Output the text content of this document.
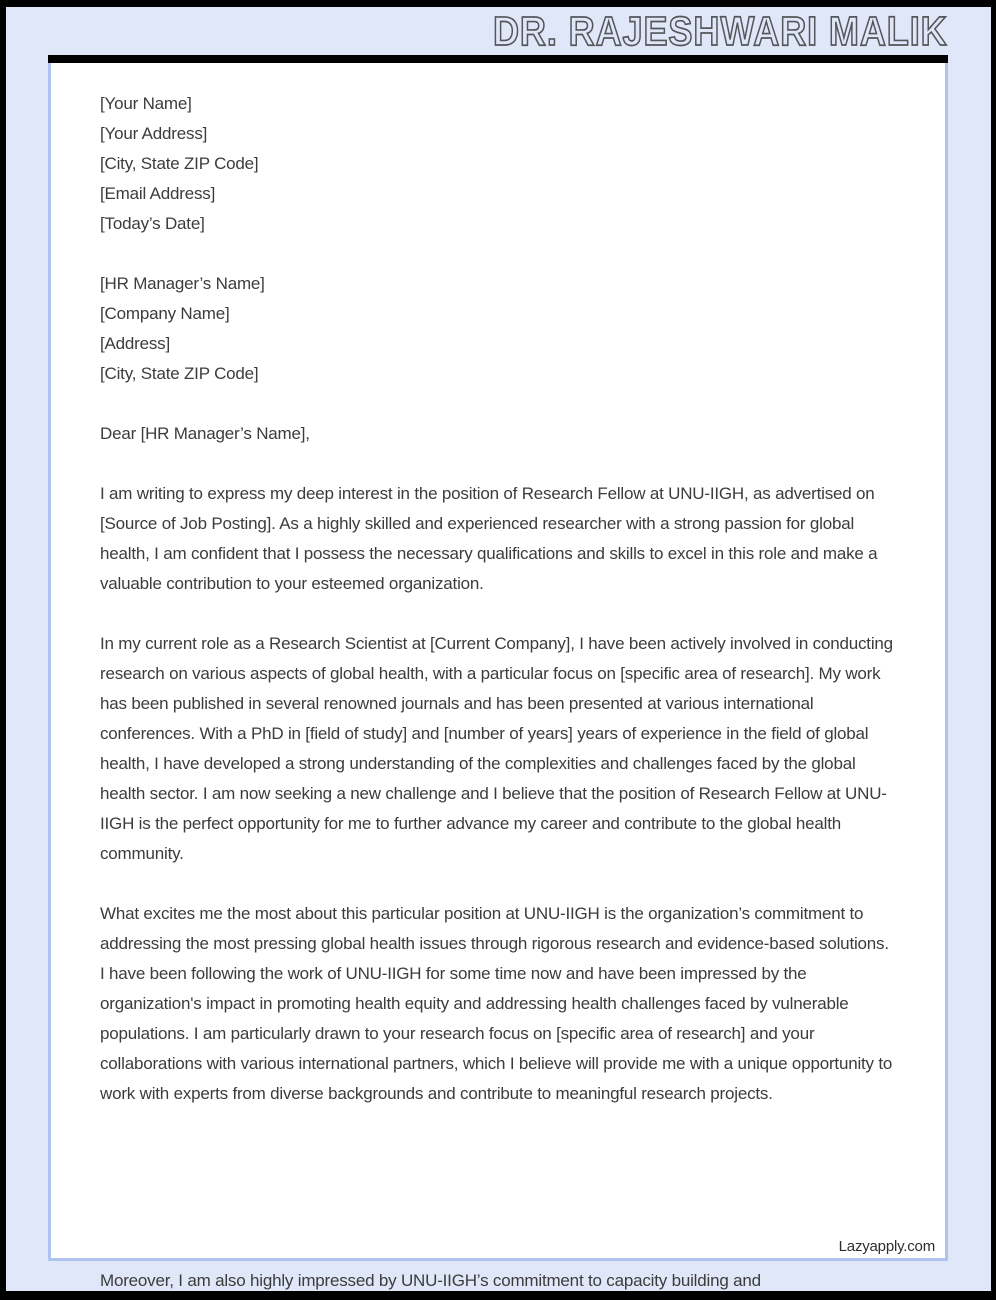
DR. RAJESHWARI MALIK
[Your Name]
[Your Address]
[City, State ZIP Code]
[Email Address]
[Today’s Date]
[HR Manager’s Name]
[Company Name]
[Address]
[City, State ZIP Code]
Dear [HR Manager’s Name],
I am writing to express my deep interest in the position of Research Fellow at UNU-IIGH, as advertised on [Source of Job Posting]. As a highly skilled and experienced researcher with a strong passion for global health, I am confident that I possess the necessary qualifications and skills to excel in this role and make a valuable contribution to your esteemed organization.
In my current role as a Research Scientist at [Current Company], I have been actively involved in conducting research on various aspects of global health, with a particular focus on [specific area of research]. My work has been published in several renowned journals and has been presented at various international conferences. With a PhD in [field of study] and [number of years] years of experience in the field of global health, I have developed a strong understanding of the complexities and challenges faced by the global health sector. I am now seeking a new challenge and I believe that the position of Research Fellow at UNU-IIGH is the perfect opportunity for me to further advance my career and contribute to the global health community.
What excites me the most about this particular position at UNU-IIGH is the organization’s commitment to addressing the most pressing global health issues through rigorous research and evidence-based solutions. I have been following the work of UNU-IIGH for some time now and have been impressed by the organization's impact in promoting health equity and addressing health challenges faced by vulnerable populations. I am particularly drawn to your research focus on [specific area of research] and your collaborations with various international partners, which I believe will provide me with a unique opportunity to work with experts from diverse backgrounds and contribute to meaningful research projects.
Lazyapply.com
Moreover, I am also highly impressed by UNU-IIGH’s commitment to capacity building and
